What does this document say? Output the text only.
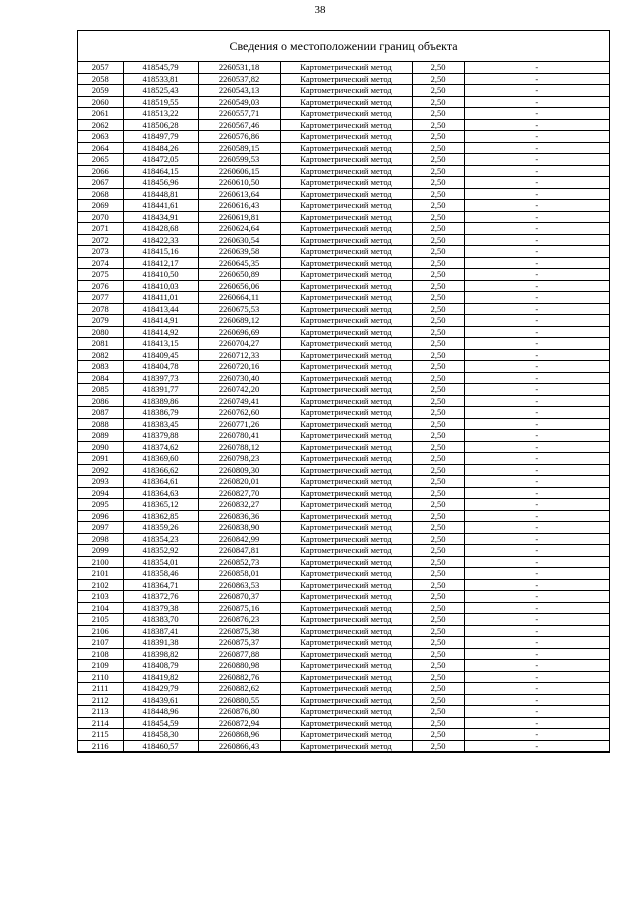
38
Сведения о местоположении границ объекта
2057	418545,79	2260531,18	Картометрический метод	2,50	-
2058	418533,81	2260537,82	Картометрический метод	2,50	-
2059	418525,43	2260543,13	Картометрический метод	2,50	-
2060	418519,55	2260549,03	Картометрический метод	2,50	-
2061	418513,22	2260557,71	Картометрический метод	2,50	-
2062	418506,28	2260567,46	Картометрический метод	2,50	-
2063	418497,79	2260576,86	Картометрический метод	2,50	-
2064	418484,26	2260589,15	Картометрический метод	2,50	-
2065	418472,05	2260599,53	Картометрический метод	2,50	-
2066	418464,15	2260606,15	Картометрический метод	2,50	-
2067	418456,96	2260610,50	Картометрический метод	2,50	-
2068	418448,81	2260613,64	Картометрический метод	2,50	-
2069	418441,61	2260616,43	Картометрический метод	2,50	-
2070	418434,91	2260619,81	Картометрический метод	2,50	-
2071	418428,68	2260624,64	Картометрический метод	2,50	-
2072	418422,33	2260630,54	Картометрический метод	2,50	-
2073	418415,16	2260639,58	Картометрический метод	2,50	-
2074	418412,17	2260645,35	Картометрический метод	2,50	-
2075	418410,50	2260650,89	Картометрический метод	2,50	-
2076	418410,03	2260656,06	Картометрический метод	2,50	-
2077	418411,01	2260664,11	Картометрический метод	2,50	-
2078	418413,44	2260675,53	Картометрический метод	2,50	-
2079	418414,91	2260689,12	Картометрический метод	2,50	-
2080	418414,92	2260696,69	Картометрический метод	2,50	-
2081	418413,15	2260704,27	Картометрический метод	2,50	-
2082	418409,45	2260712,33	Картометрический метод	2,50	-
2083	418404,78	2260720,16	Картометрический метод	2,50	-
2084	418397,73	2260730,40	Картометрический метод	2,50	-
2085	418391,77	2260742,20	Картометрический метод	2,50	-
2086	418389,86	2260749,41	Картометрический метод	2,50	-
2087	418386,79	2260762,60	Картометрический метод	2,50	-
2088	418383,45	2260771,26	Картометрический метод	2,50	-
2089	418379,88	2260780,41	Картометрический метод	2,50	-
2090	418374,62	2260788,12	Картометрический метод	2,50	-
2091	418369,60	2260798,23	Картометрический метод	2,50	-
2092	418366,62	2260809,30	Картометрический метод	2,50	-
2093	418364,61	2260820,01	Картометрический метод	2,50	-
2094	418364,63	2260827,70	Картометрический метод	2,50	-
2095	418365,12	2260832,27	Картометрический метод	2,50	-
2096	418362,85	2260836,36	Картометрический метод	2,50	-
2097	418359,26	2260838,90	Картометрический метод	2,50	-
2098	418354,23	2260842,99	Картометрический метод	2,50	-
2099	418352,92	2260847,81	Картометрический метод	2,50	-
2100	418354,01	2260852,73	Картометрический метод	2,50	-
2101	418358,46	2260858,01	Картометрический метод	2,50	-
2102	418364,71	2260863,53	Картометрический метод	2,50	-
2103	418372,76	2260870,37	Картометрический метод	2,50	-
2104	418379,38	2260875,16	Картометрический метод	2,50	-
2105	418383,70	2260876,23	Картометрический метод	2,50	-
2106	418387,41	2260875,38	Картометрический метод	2,50	-
2107	418391,38	2260875,37	Картометрический метод	2,50	-
2108	418398,82	2260877,88	Картометрический метод	2,50	-
2109	418408,79	2260880,98	Картометрический метод	2,50	-
2110	418419,82	2260882,76	Картометрический метод	2,50	-
2111	418429,79	2260882,62	Картометрический метод	2,50	-
2112	418439,61	2260880,55	Картометрический метод	2,50	-
2113	418448,96	2260876,80	Картометрический метод	2,50	-
2114	418454,59	2260872,94	Картометрический метод	2,50	-
2115	418458,30	2260868,96	Картометрический метод	2,50	-
2116	418460,57	2260866,43	Картометрический метод	2,50	-
